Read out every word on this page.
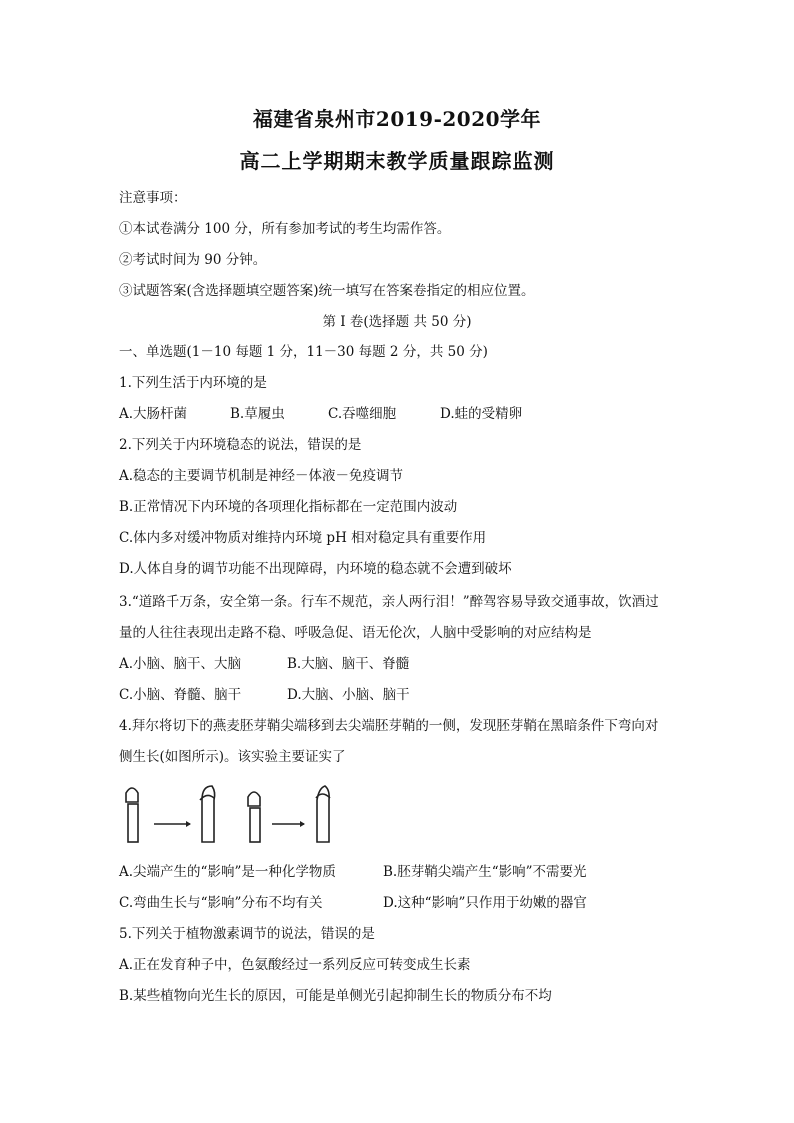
福建省泉州市2019-2020学年
高二上学期期末教学质量跟踪监测
注意事项：
①本试卷满分 100 分，所有参加考试的考生均需作答。
②考试时间为 90 分钟。
③试题答案(含选择题填空题答案)统一填写在答案卷指定的相应位置。
第 I 卷(选择题 共 50 分)
一、单选题(1－10 每题 1 分，11－30 每题 2 分，共 50 分)
1.下列生活于内环境的是
A.大肠杆菌	B.草履虫	C.吞噬细胞	D.蛙的受精卵
2.下列关于内环境稳态的说法，错误的是
A.稳态的主要调节机制是神经－体液－免疫调节
B.正常情况下内环境的各项理化指标都在一定范围内波动
C.体内多对缓冲物质对维持内环境 pH 相对稳定具有重要作用
D.人体自身的调节功能不出现障碍，内环境的稳态就不会遭到破坏
3.“道路千万条，安全第一条。行车不规范，亲人两行泪！”醉驾容易导致交通事故，饮酒过
量的人往往表现出走路不稳、呼吸急促、语无伦次，人脑中受影响的对应结构是
A.小脑、脑干、大脑	B.大脑、脑干、脊髓
C.小脑、脊髓、脑干	D.大脑、小脑、脑干
4.拜尔将切下的燕麦胚芽鞘尖端移到去尖端胚芽鞘的一侧，发现胚芽鞘在黑暗条件下弯向对
侧生长(如图所示)。该实验主要证实了
A.尖端产生的“影响”是一种化学物质	B.胚芽鞘尖端产生“影响”不需要光
C.弯曲生长与“影响”分布不均有关	D.这种“影响”只作用于幼嫩的器官
5.下列关于植物激素调节的说法，错误的是
A.正在发育种子中，色氨酸经过一系列反应可转变成生长素
B.某些植物向光生长的原因，可能是单侧光引起抑制生长的物质分布不均
